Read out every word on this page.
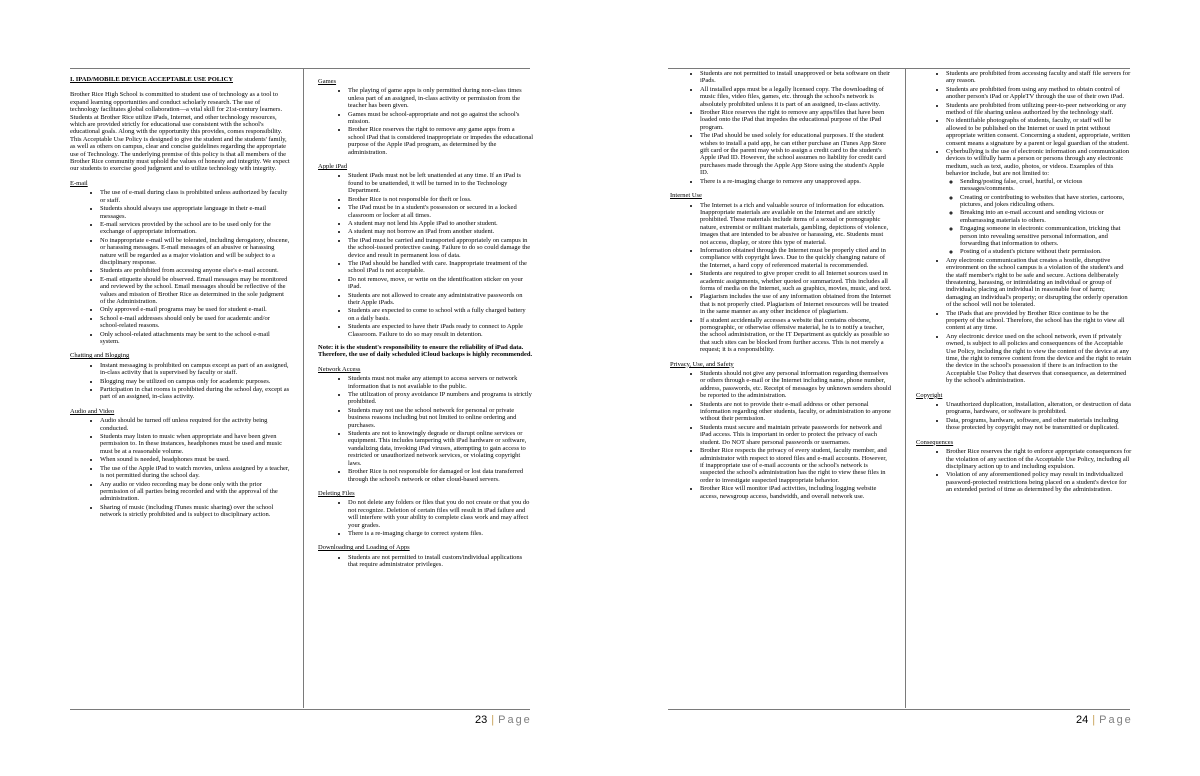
I. IPAD/MOBILE DEVICE ACCEPTABLE USE POLICY

Brother Rice High School is committed to student use of technology as a tool to expand learning opportunities and conduct scholarly research. The use of technology facilitates global collaboration—a vital skill for 21st-century learners. Students at Brother Rice utilize iPads, Internet, and other technology resources, which are provided strictly for educational use consistent with the school's educational goals. Along with the opportunity this provides, comes responsibility. This Acceptable Use Policy is designed to give the student and the students' family, as well as others on campus, clear and concise guidelines regarding the appropriate use of Technology. The underlying premise of this policy is that all members of the Brother Rice community must uphold the values of honesty and integrity. We expect our students to exercise good judgment and to utilize technology with integrity.

E-mail
• The use of e-mail during class is prohibited unless authorized by faculty or staff.
• Students should always use appropriate language in their e-mail messages.
• E-mail services provided by the school are to be used only for the exchange of appropriate information.
• No inappropriate e-mail will be tolerated, including derogatory, obscene, or harassing messages. E-mail messages of an abusive or harassing nature will be regarded as a major violation and will be subject to a disciplinary response.
• Students are prohibited from accessing anyone else's e-mail account.
• E-mail etiquette should be observed. Email messages may be monitored and reviewed by the school. Email messages should be reflective of the values and mission of Brother Rice as determined in the sole judgment of the Administration.
• Only approved e-mail programs may be used for student e-mail.
• School e-mail addresses should only be used for academic and/or school-related reasons.
• Only school-related attachments may be sent to the school e-mail system.
Chatting and Blogging
• Instant messaging is prohibited on campus except as part of an assigned, in-class activity that is supervised by faculty or staff.
• Blogging may be utilized on campus only for academic purposes.
• Participation in chat rooms is prohibited during the school day, except as part of an assigned, in-class activity.
Audio and Video
• Audio should be turned off unless required for the activity being conducted.
• Students may listen to music when appropriate and have been given permission to. In these instances, headphones must be used and music must be at a reasonable volume.
• When sound is needed, headphones must be used.
• The use of the Apple iPad to watch movies, unless assigned by a teacher, is not permitted during the school day.
• Any audio or video recording may be done only with the prior permission of all parties being recorded and with the approval of the administration.
• Sharing of music (including iTunes music sharing) over the school network is strictly prohibited and is subject to disciplinary action.
Games
• The playing of game apps is only permitted during non-class times unless part of an assigned, in-class activity or permission from the teacher has been given.
• Games must be school-appropriate and not go against the school's mission.
• Brother Rice reserves the right to remove any game apps from a school iPad that is considered inappropriate or impedes the educational purpose of the Apple iPad program, as determined by the administration.
Apple iPad
• Student iPads must not be left unattended at any time. If an iPad is found to be unattended, it will be turned in to the Technology Department.
• Brother Rice is not responsible for theft or loss.
• The iPad must be in a student's possession or secured in a locked classroom or locker at all times.
• A student may not lend his Apple iPad to another student.
• A student may not borrow an iPad from another student.
• The iPad must be carried and transported appropriately on campus in the school-issued protective casing. Failure to do so could damage the device and result in permanent loss of data.
• The iPad should be handled with care. Inappropriate treatment of the school iPad is not acceptable.
• Do not remove, move, or write on the identification sticker on your iPad.
• Students are not allowed to create any administrative passwords on their Apple iPads.
• Students are expected to come to school with a fully charged battery on a daily basis.
• Students are expected to have their iPads ready to connect to Apple Classroom. Failure to do so may result in detention.
Note: it is the student's responsibility to ensure the reliability of iPad data. Therefore, the use of daily scheduled iCloud backups is highly recommended.
Network Access
• Students must not make any attempt to access servers or network information that is not available to the public.
• The utilization of proxy avoidance IP numbers and programs is strictly prohibited.
• Students may not use the school network for personal or private business reasons including but not limited to online ordering and purchases.
• Students are not to knowingly degrade or disrupt online services or equipment. This includes tampering with iPad hardware or software, vandalizing data, invoking iPad viruses, attempting to gain access to restricted or unauthorized network services, or violating copyright laws.
• Brother Rice is not responsible for damaged or lost data transferred through the school's network or other cloud-based servers.
Deleting Files
• Do not delete any folders or files that you do not create or that you do not recognize. Deletion of certain files will result in iPad failure and will interfere with your ability to complete class work and may affect your grades.
• There is a re-imaging charge to correct system files.
Downloading and Loading of Apps
• Students are not permitted to install custom/individual applications that require administrator privileges.
23 | Page
• Students are not permitted to install unapproved or beta software on their iPads.
• All installed apps must be a legally licensed copy. The downloading of music files, video files, games, etc. through the school's network is absolutely prohibited unless it is part of an assigned, in-class activity.
• Brother Rice reserves the right to remove any apps/files that have been loaded onto the iPad that impedes the educational purpose of the iPad program.
• The iPad should be used solely for educational purposes. If the student wishes to install a paid app, he can either purchase an iTunes App Store gift card or the parent may wish to assign a credit card to the student's Apple iPad ID. However, the school assumes no liability for credit card purchases made through the Apple App Store using the student's Apple ID.
• There is a re-imaging charge to remove any unapproved apps.
Internet Use
• The Internet is a rich and valuable source of information for education. Inappropriate materials are available on the Internet and are strictly prohibited. These materials include items of a sexual or pornographic nature, extremist or militant materials, gambling, depictions of violence, images that are intended to be abusive or harassing, etc. Students must not access, display, or store this type of material.
• Information obtained through the Internet must be properly cited and in compliance with copyright laws. Due to the quickly changing nature of the Internet, a hard copy of referenced material is recommended.
• Students are required to give proper credit to all Internet sources used in academic assignments, whether quoted or summarized. This includes all forms of media on the Internet, such as graphics, movies, music, and text.
• Plagiarism includes the use of any information obtained from the Internet that is not properly cited. Plagiarism of Internet resources will be treated in the same manner as any other incidence of plagiarism.
• If a student accidentally accesses a website that contains obscene, pornographic, or otherwise offensive material, he is to notify a teacher, the school administration, or the IT Department as quickly as possible so that such sites can be blocked from further access. This is not merely a request; it is a responsibility.
Privacy, Use, and Safety
• Students should not give any personal information regarding themselves or others through e-mail or the Internet including name, phone number, address, passwords, etc. Receipt of messages by unknown senders should be reported to the administration.
• Students are not to provide their e-mail address or other personal information regarding other students, faculty, or administration to anyone without their permission.
• Students must secure and maintain private passwords for network and iPad access. This is important in order to protect the privacy of each student. Do NOT share personal passwords or usernames.
• Brother Rice respects the privacy of every student, faculty member, and administrator with respect to stored files and e-mail accounts. However, if inappropriate use of e-mail accounts or the school's network is suspected the school's administration has the right to view these files in order to investigate suspected inappropriate behavior.
• Brother Rice will monitor iPad activities, including logging website access, newsgroup access, bandwidth, and overall network use.
• Students are prohibited from accessing faculty and staff file servers for any reason.
• Students are prohibited from using any method to obtain control of another person's iPad or AppleTV through the use of their own iPad.
• Students are prohibited from utilizing peer-to-peer networking or any method of file sharing unless authorized by the technology staff.
• No identifiable photographs of students, faculty, or staff will be allowed to be published on the Internet or used in print without appropriate written consent. Concerning a student, appropriate, written consent means a signature by a parent or legal guardian of the student.
• Cyberbullying is the use of electronic information and communication devices to willfully harm a person or persons through any electronic medium, such as text, audio, photos, or videos. Examples of this behavior include, but are not limited to:
◦ Sending/posting false, cruel, hurtful, or vicious messages/comments.
◦ Creating or contributing to websites that have stories, cartoons, pictures, and jokes ridiculing others.
◦ Breaking into an e-mail account and sending vicious or embarrassing materials to others.
◦ Engaging someone in electronic communication, tricking that person into revealing sensitive personal information, and forwarding that information to others.
◦ Posting of a student's picture without their permission.
• Any electronic communication that creates a hostile, disruptive environment on the school campus is a violation of the student's and the staff member's right to be safe and secure. Actions deliberately threatening, harassing, or intimidating an individual or group of individuals; placing an individual in reasonable fear of harm; damaging an individual's property; or disrupting the orderly operation of the school will not be tolerated.
• The iPads that are provided by Brother Rice continue to be the property of the school. Therefore, the school has the right to view all content at any time.
• Any electronic device used on the school network, even if privately owned, is subject to all policies and consequences of the Acceptable Use Policy, including the right to view the content of the device at any time, the right to remove content from the device and the right to retain the device in the school's possession if there is an infraction to the Acceptable Use Policy that deserves that consequence, as determined by the school's administration.
Copyright
• Unauthorized duplication, installation, alteration, or destruction of data programs, hardware, or software is prohibited.
• Data, programs, hardware, software, and other materials including those protected by copyright may not be transmitted or duplicated.
Consequences
• Brother Rice reserves the right to enforce appropriate consequences for the violation of any section of the Acceptable Use Policy, including all disciplinary action up to and including expulsion.
• Violation of any aforementioned policy may result in individualized password-protected restrictions being placed on a student's device for an extended period of time as determined by the administration.
24 | Page
